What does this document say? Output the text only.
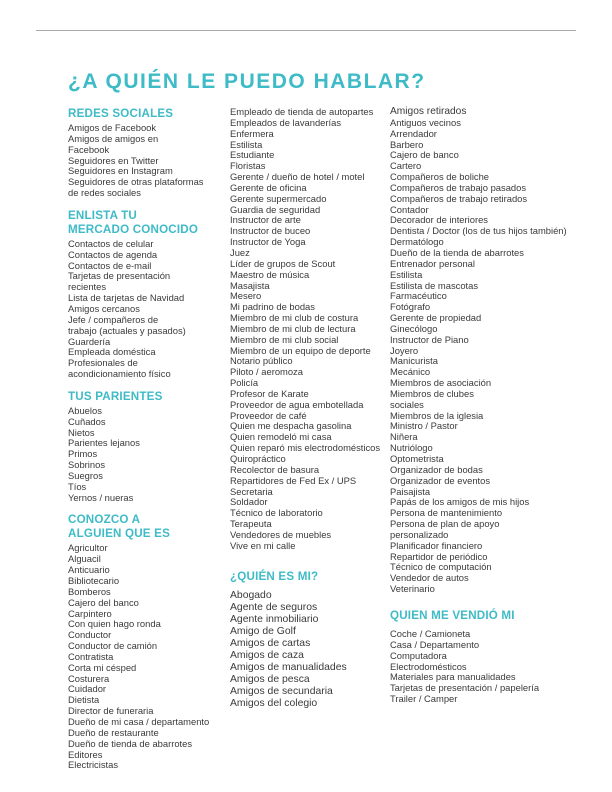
¿A QUIÉN LE PUEDO HABLAR?
REDES SOCIALES
Amigos de Facebook
Amigos de amigos en
Facebook
Seguidores en Twitter
Seguidores en Instagram
Seguidores de otras plataformas
de redes sociales
ENLISTA TU
MERCADO CONOCIDO
Contactos de celular
Contactos de agenda
Contactos de e-mail
Tarjetas de presentación
recientes
Lista de tarjetas de Navidad
Amigos cercanos
Jefe / compañeros de
trabajo (actuales y pasados)
Guardería
Empleada doméstica
Profesionales de
acondicionamiento físico
TUS PARIENTES
Abuelos
Cuñados
Nietos
Parientes lejanos
Primos
Sobrinos
Suegros
Tíos
Yernos / nueras
CONOZCO A
ALGUIEN QUE ES
Agricultor
Alguacil
Anticuario
Bibliotecario
Bomberos
Cajero del banco
Carpintero
Con quien hago ronda
Conductor
Conductor de camión
Contratista
Corta mi césped
Costurera
Cuidador
Dietista
Director de funeraria
Dueño de mi casa / departamento
Dueño de restaurante
Dueño de tienda de abarrotes
Editores
Electricistas
Empleado de tienda de autopartes
Empleados de lavanderías
Enfermera
Estilista
Estudiante
Floristas
Gerente / dueño de hotel / motel
Gerente de oficina
Gerente supermercado
Guardia de seguridad
Instructor de arte
Instructor de buceo
Instructor de Yoga
Juez
Líder de grupos de Scout
Maestro de música
Masajista
Mesero
Mi padrino de bodas
Miembro de mi club de costura
Miembro de mi club de lectura
Miembro de mi club social
Miembro de un equipo de deporte
Notario público
Piloto / aeromoza
Policía
Profesor de Karate
Proveedor de agua embotellada
Proveedor de café
Quien me despacha gasolina
Quien remodeló mi casa
Quien reparó mis electrodomésticos
Quiropráctico
Recolector de basura
Repartidores de Fed Ex / UPS
Secretaria
Soldador
Técnico de laboratorio
Terapeuta
Vendedores de muebles
Vive en mi calle
¿QUIÉN ES MI?
Abogado
Agente de seguros
Agente inmobiliario
Amigo de Golf
Amigos de cartas
Amigos de caza
Amigos de manualidades
Amigos de pesca
Amigos de secundaria
Amigos del colegio
Amigos retirados
Antiguos vecinos
Arrendador
Barbero
Cajero de banco
Cartero
Compañeros de boliche
Compañeros de trabajo pasados
Compañeros de trabajo retirados
Contador
Decorador de interiores
Dentista / Doctor (los de tus hijos también)
Dermatólogo
Dueño de la tienda de abarrotes
Entrenador personal
Estilista
Estilista de mascotas
Farmacéutico
Fotógrafo
Gerente de propiedad
Ginecólogo
Instructor de Piano
Joyero
Manicurista
Mecánico
Miembros de asociación
Miembros de clubes
sociales
Miembros de la iglesia
Ministro / Pastor
Niñera
Nutriólogo
Optometrista
Organizador de bodas
Organizador de eventos
Paisajista
Papás de los amigos de mis hijos
Persona de mantenimiento
Persona de plan de apoyo
personalizado
Planificador financiero
Repartidor de periódico
Técnico de computación
Vendedor de autos
Veterinario
QUIEN ME VENDIÓ MI
Coche / Camioneta
Casa / Departamento
Computadora
Electrodomésticos
Materiales para manualidades
Tarjetas de presentación / papelería
Trailer / Camper
